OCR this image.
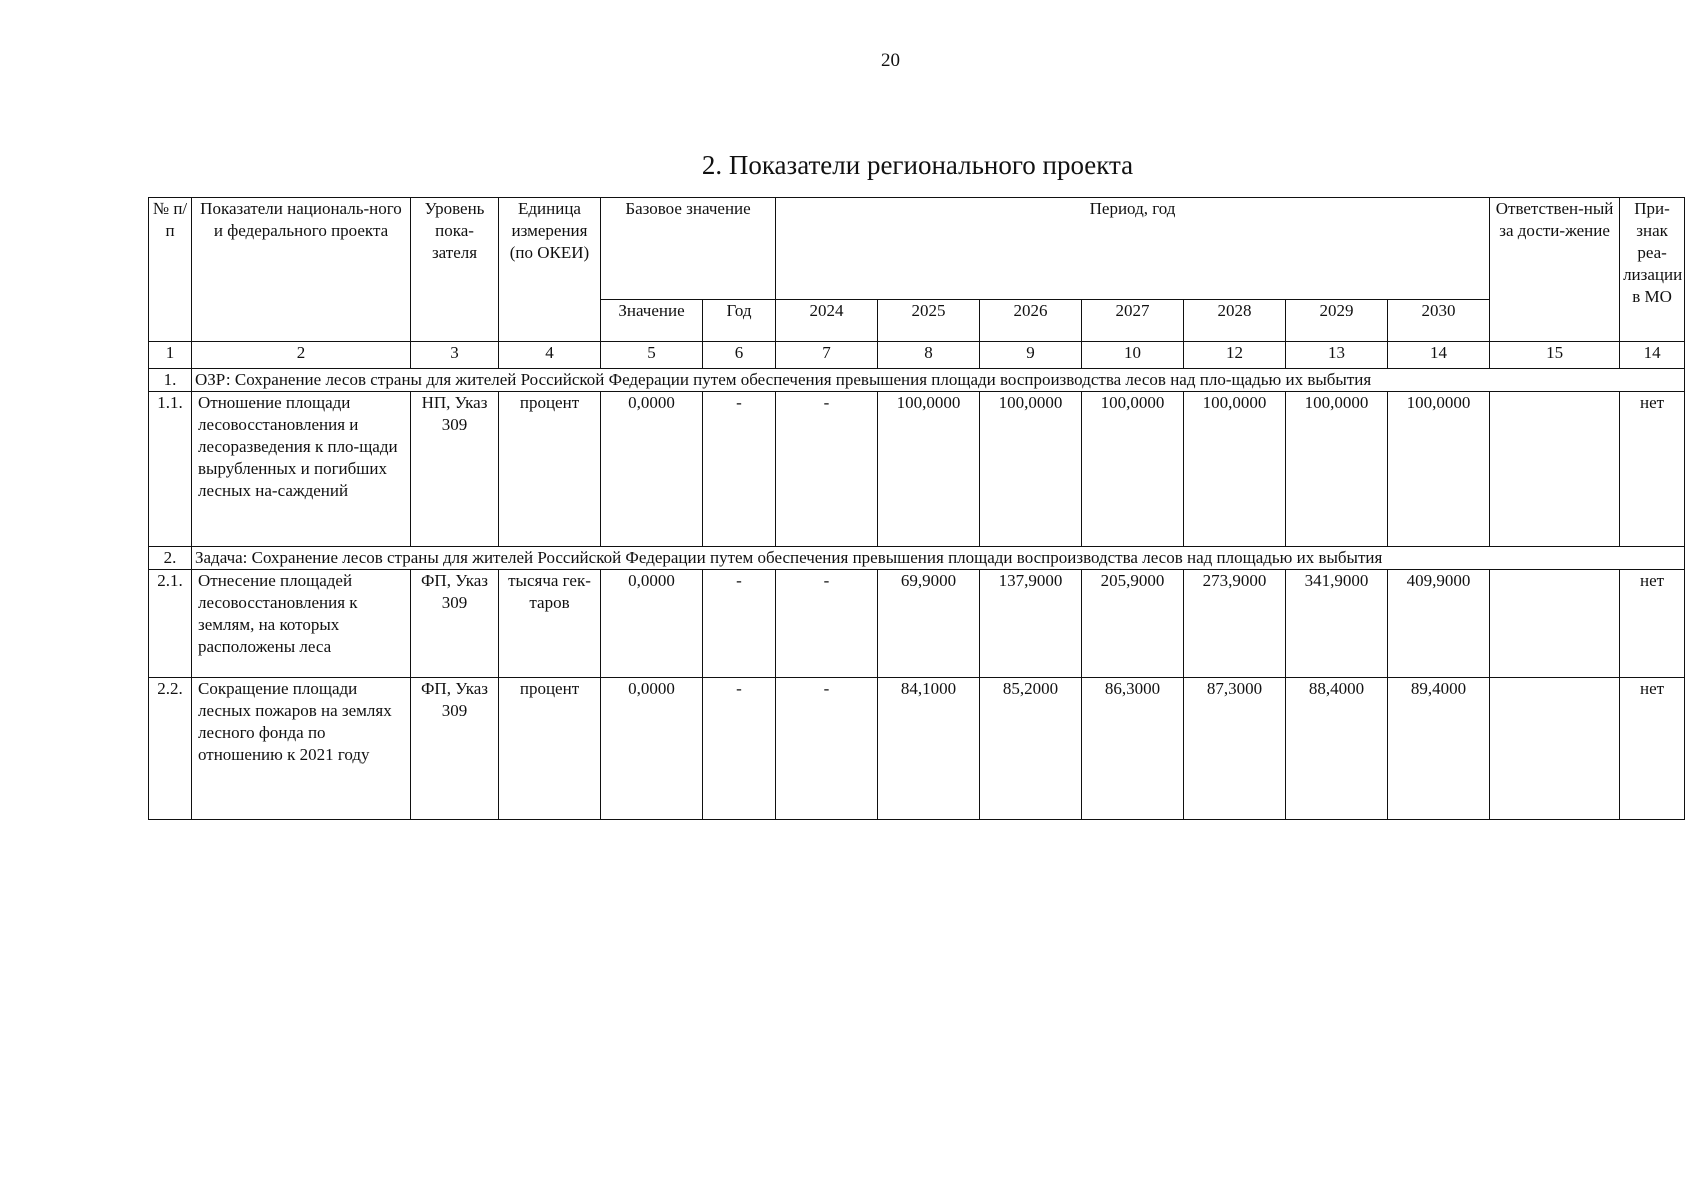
20
2. Показатели регионального проекта
№ п/п	Показатели националь-ного и федерального проекта	Уровень пока-зателя	Единица измерения (по ОКЕИ)	Базовое значение		Период, год							Ответствен-ный за дости-жение	При-знак реа-лизации в МО
				Значение	Год	2024	2025	2026	2027	2028	2029	2030		
1	2	3	4	5	6	7	8	9	10	12	13	14	15	14
1.	ОЗР: Сохранение лесов страны для жителей Российской Федерации путем обеспечения превышения площади воспроизводства лесов над пло-щадью их выбытия													
1.1.	Отношение площади лесовосстановления и лесоразведения к пло-щади вырубленных и погибших лесных на-саждений	НП, Указ 309	процент	0,0000	-	-	100,0000	100,0000	100,0000	100,0000	100,0000	100,0000		нет
2.	Задача: Сохранение лесов страны для жителей Российской Федерации путем обеспечения превышения площади воспроизводства лесов над площадью их выбытия													
2.1.	Отнесение площадей лесовосстановления к землям, на которых расположены леса	ФП, Указ 309	тысяча гек-таров	0,0000	-	-	69,9000	137,9000	205,9000	273,9000	341,9000	409,9000		нет
2.2.	Сокращение площади лесных пожаров на землях лесного фонда по отношению к 2021 году	ФП, Указ 309	процент	0,0000	-	-	84,1000	85,2000	86,3000	87,3000	88,4000	89,4000		нет
